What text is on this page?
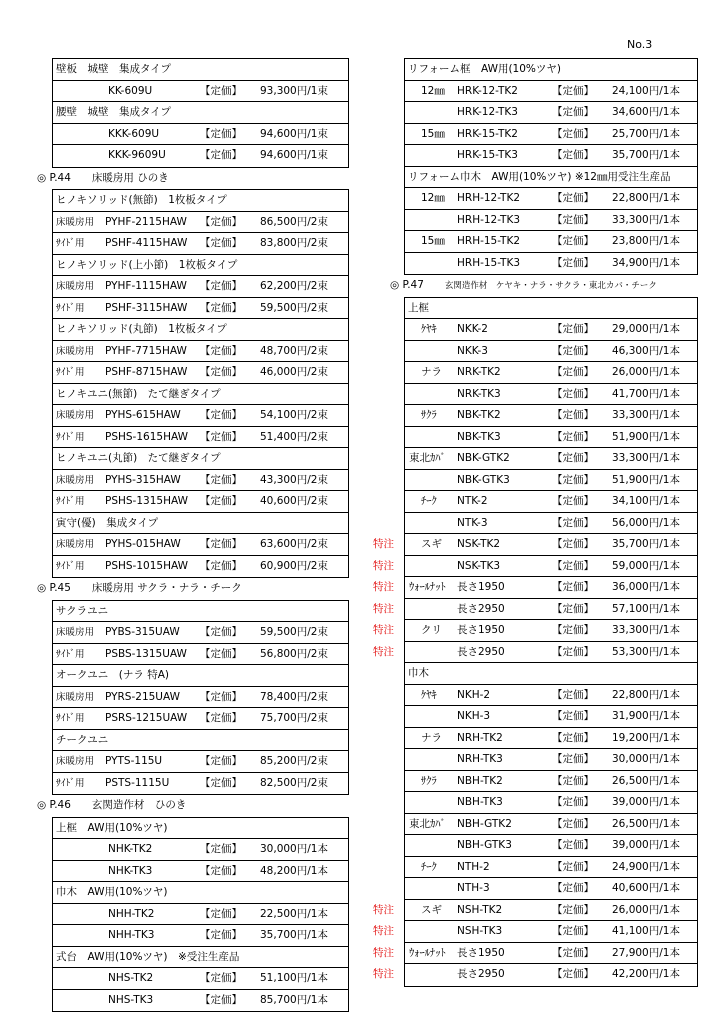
No.3
壁板　城壁　集成タイプ
KK-609U	【定価】 93,300円/1束
腰壁　城壁　集成タイプ
KKK-609U	【定価】 94,600円/1束
KKK-9609U	【定価】 94,600円/1束
◎ P.44　　床暖房用 ひのき
ヒノキソリッド(無節)　1枚板タイプ
床暖房用 PYHF-2115HAW 【定価】 86,500円/2束
ｻｲﾄﾞ用 PSHF-4115HAW 【定価】 83,800円/2束
ヒノキソリッド(上小節)　1枚板タイプ
床暖房用 PYHF-1115HAW 【定価】 62,200円/2束
ｻｲﾄﾞ用 PSHF-3115HAW 【定価】 59,500円/2束
ヒノキソリッド(丸節)　1枚板タイプ
床暖房用 PYHF-7715HAW 【定価】 48,700円/2束
ｻｲﾄﾞ用 PSHF-8715HAW 【定価】 46,000円/2束
ヒノキユニ(無節)　たて継ぎタイプ
床暖房用 PYHS-615HAW 【定価】 54,100円/2束
ｻｲﾄﾞ用 PSHS-1615HAW 【定価】 51,400円/2束
ヒノキユニ(丸節)　たて継ぎタイプ
床暖房用 PYHS-315HAW 【定価】 43,300円/2束
ｻｲﾄﾞ用 PSHS-1315HAW 【定価】 40,600円/2束
寅守(優)　集成タイプ
床暖房用 PYHS-015HAW 【定価】 63,600円/2束
ｻｲﾄﾞ用 PSHS-1015HAW 【定価】 60,900円/2束
◎ P.45　　床暖房用 サクラ・ナラ・チーク
サクラユニ
床暖房用 PYBS-315UAW 【定価】 59,500円/2束
ｻｲﾄﾞ用 PSBS-1315UAW 【定価】 56,800円/2束
オークユニ　(ナラ 特A)
床暖房用 PYRS-215UAW 【定価】 78,400円/2束
ｻｲﾄﾞ用 PSRS-1215UAW 【定価】 75,700円/2束
チークユニ
床暖房用 PYTS-115U	【定価】 85,200円/2束
ｻｲﾄﾞ用 PSTS-1115U	【定価】 82,500円/2束
◎ P.46　　玄関造作材　ひのき
上框　AW用(10%ツヤ)
NHK-TK2	【定価】 30,000円/1本
NHK-TK3	【定価】 48,200円/1本
巾木　AW用(10%ツヤ)
NHH-TK2	【定価】 22,500円/1本
NHH-TK3	【定価】 35,700円/1本
式台　AW用(10%ツヤ)　※受注生産品
NHS-TK2	【定価】 51,100円/1本
NHS-TK3	【定価】 85,700円/1本
リフォーム框　AW用(10%ツヤ)
12㎜ HRK-12-TK2	【定価】 24,100円/1本
HRK-12-TK3	【定価】 34,600円/1本
15㎜ HRK-15-TK2	【定価】 25,700円/1本
HRK-15-TK3	【定価】 35,700円/1本
リフォーム巾木　AW用(10%ツヤ) ※12㎜用受注生産品
12㎜ HRH-12-TK2	【定価】 22,800円/1本
HRH-12-TK3	【定価】 33,300円/1本
15㎜ HRH-15-TK2	【定価】 23,800円/1本
HRH-15-TK3	【定価】 34,900円/1本
◎ P.47　　 玄関造作材　ケヤキ・ナラ・サクラ・東北カバ・チーク
上框
ｹﾔｷ NKK-2	【定価】 29,000円/1本
NKK-3	【定価】 46,300円/1本
ナラ NRK-TK2	【定価】 26,000円/1本
NRK-TK3	【定価】 41,700円/1本
ｻｸﾗ NBK-TK2	【定価】 33,300円/1本
NBK-TK3	【定価】 51,900円/1本
東北ｶﾊﾞ NBK-GTK2	【定価】 33,300円/1本
NBK-GTK3	【定価】 51,900円/1本
ﾁｰｸ NTK-2	【定価】 34,100円/1本
NTK-3	【定価】 56,000円/1本
特注	スギ NSK-TK2	【定価】 35,700円/1本
特注	NSK-TK3	【定価】 59,000円/1本
特注 ｳｫｰﾙﾅｯﾄ 長さ1950	【定価】 36,000円/1本
特注	長さ2950	【定価】 57,100円/1本
特注	クリ 長さ1950	【定価】 33,300円/1本
特注	長さ2950	【定価】 53,300円/1本
巾木
ｹﾔｷ NKH-2	【定価】 22,800円/1本
NKH-3	【定価】 31,900円/1本
ナラ NRH-TK2	【定価】 19,200円/1本
NRH-TK3	【定価】 30,000円/1本
ｻｸﾗ NBH-TK2	【定価】 26,500円/1本
NBH-TK3	【定価】 39,000円/1本
東北ｶﾊﾞ NBH-GTK2	【定価】 26,500円/1本
NBH-GTK3	【定価】 39,000円/1本
ﾁｰｸ NTH-2	【定価】 24,900円/1本
NTH-3	【定価】 40,600円/1本
特注	スギ NSH-TK2	【定価】 26,000円/1本
特注	NSH-TK3	【定価】 41,100円/1本
特注 ｳｫｰﾙﾅｯﾄ 長さ1950	【定価】 27,900円/1本
特注	長さ2950	【定価】 42,200円/1本
